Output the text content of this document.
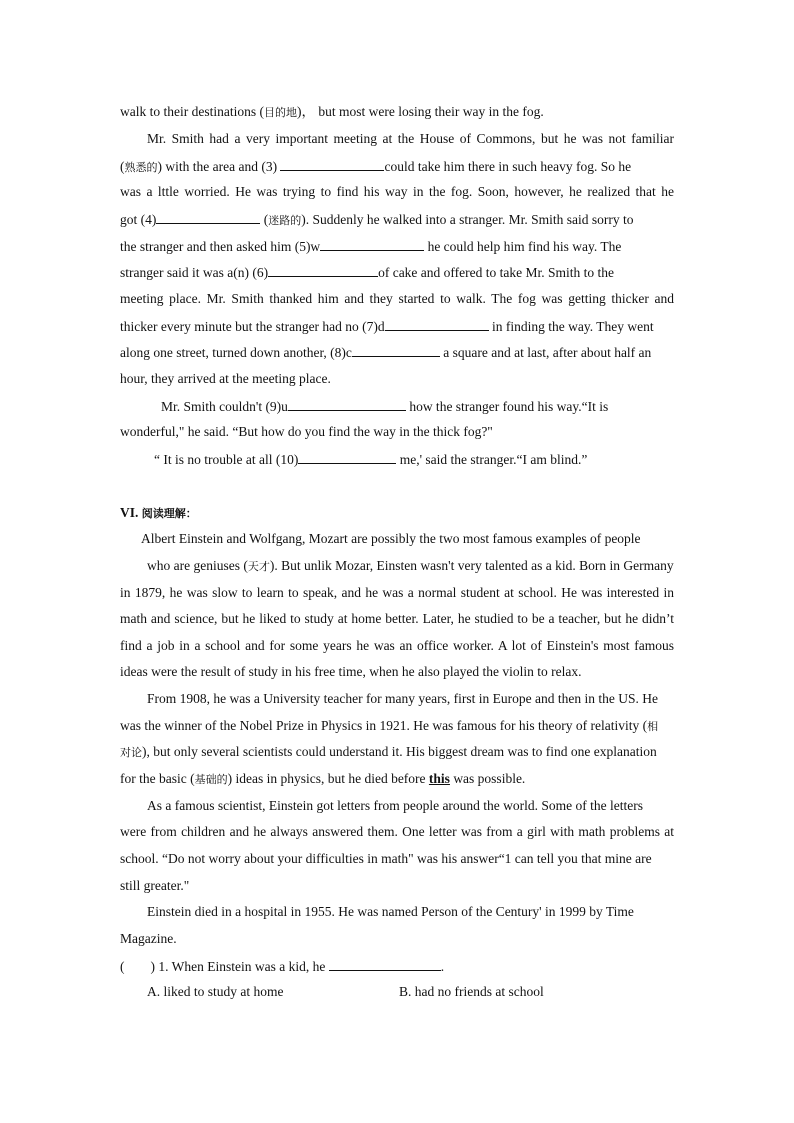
walk to their destinations (目的地)， but most were losing their way in the fog.
Mr. Smith had a very important meeting at the House of Commons, but he was not familiar
(熟悉的) with the area and (3)	could take him there in such heavy fog. So he
was a lttle worried. He was trying to find his way in the fog. Soon, however, he realized that he
got (4)	(迷路的). Suddenly he walked into a stranger. Mr. Smith said sorry to
the stranger and then asked him (5)w	he could help him find his way. The
stranger said it was a(n) (6)	of cake and offered to take Mr. Smith to the
meeting place. Mr. Smith thanked him and they started to walk. The fog was getting thicker and
thicker every minute but the stranger had no (7)d	in finding the way. They went
along one street, turned down another, (8)c	a square and at last, after about half an
hour, they arrived at the meeting place.
Mr. Smith couldn't (9)u	how the stranger found his way.“It is
wonderful," he said. “But how do you find the way in the thick fog?"
“ It is no trouble at all (10)	me,' said the stranger.“I am blind.”
VI. 阅读理解：
Albert Einstein and Wolfgang, Mozart are possibly the two most famous examples of people
who are geniuses (天才). But unlik Mozar, Einsten wasn't very talented as a kid. Born in Germany
in 1879, he was slow to learn to speak, and he was a normal student at school. He was interested in
math and science, but he liked to study at home better. Later, he studied to be a teacher, but he didn’t
find a job in a school and for some years he was an office worker. A lot of Einstein's most famous
ideas were the result of study in his free time, when he also played the violin to relax.
From 1908, he was a University teacher for many years, first in Europe and then in the US. He
was the winner of the Nobel Prize in Physics in 1921. He was famous for his theory of relativity (相
对论), but only several scientists could understand it. His biggest dream was to find one explanation
for the basic (基础的) ideas in physics, but he died before this was possible.
As a famous scientist, Einstein got letters from people around the world. Some of the letters
were from children and he always answered them. One letter was from a girl with math problems at
school. “Do not worry about your difficulties in math" was his answer“1 can tell you that mine are
still greater."
Einstein died in a hospital in 1955. He was named Person of the Century' in 1999 by Time
Magazine.
( ) 1. When Einstein was a kid, he	.
A. liked to study at home	B. had no friends at school
